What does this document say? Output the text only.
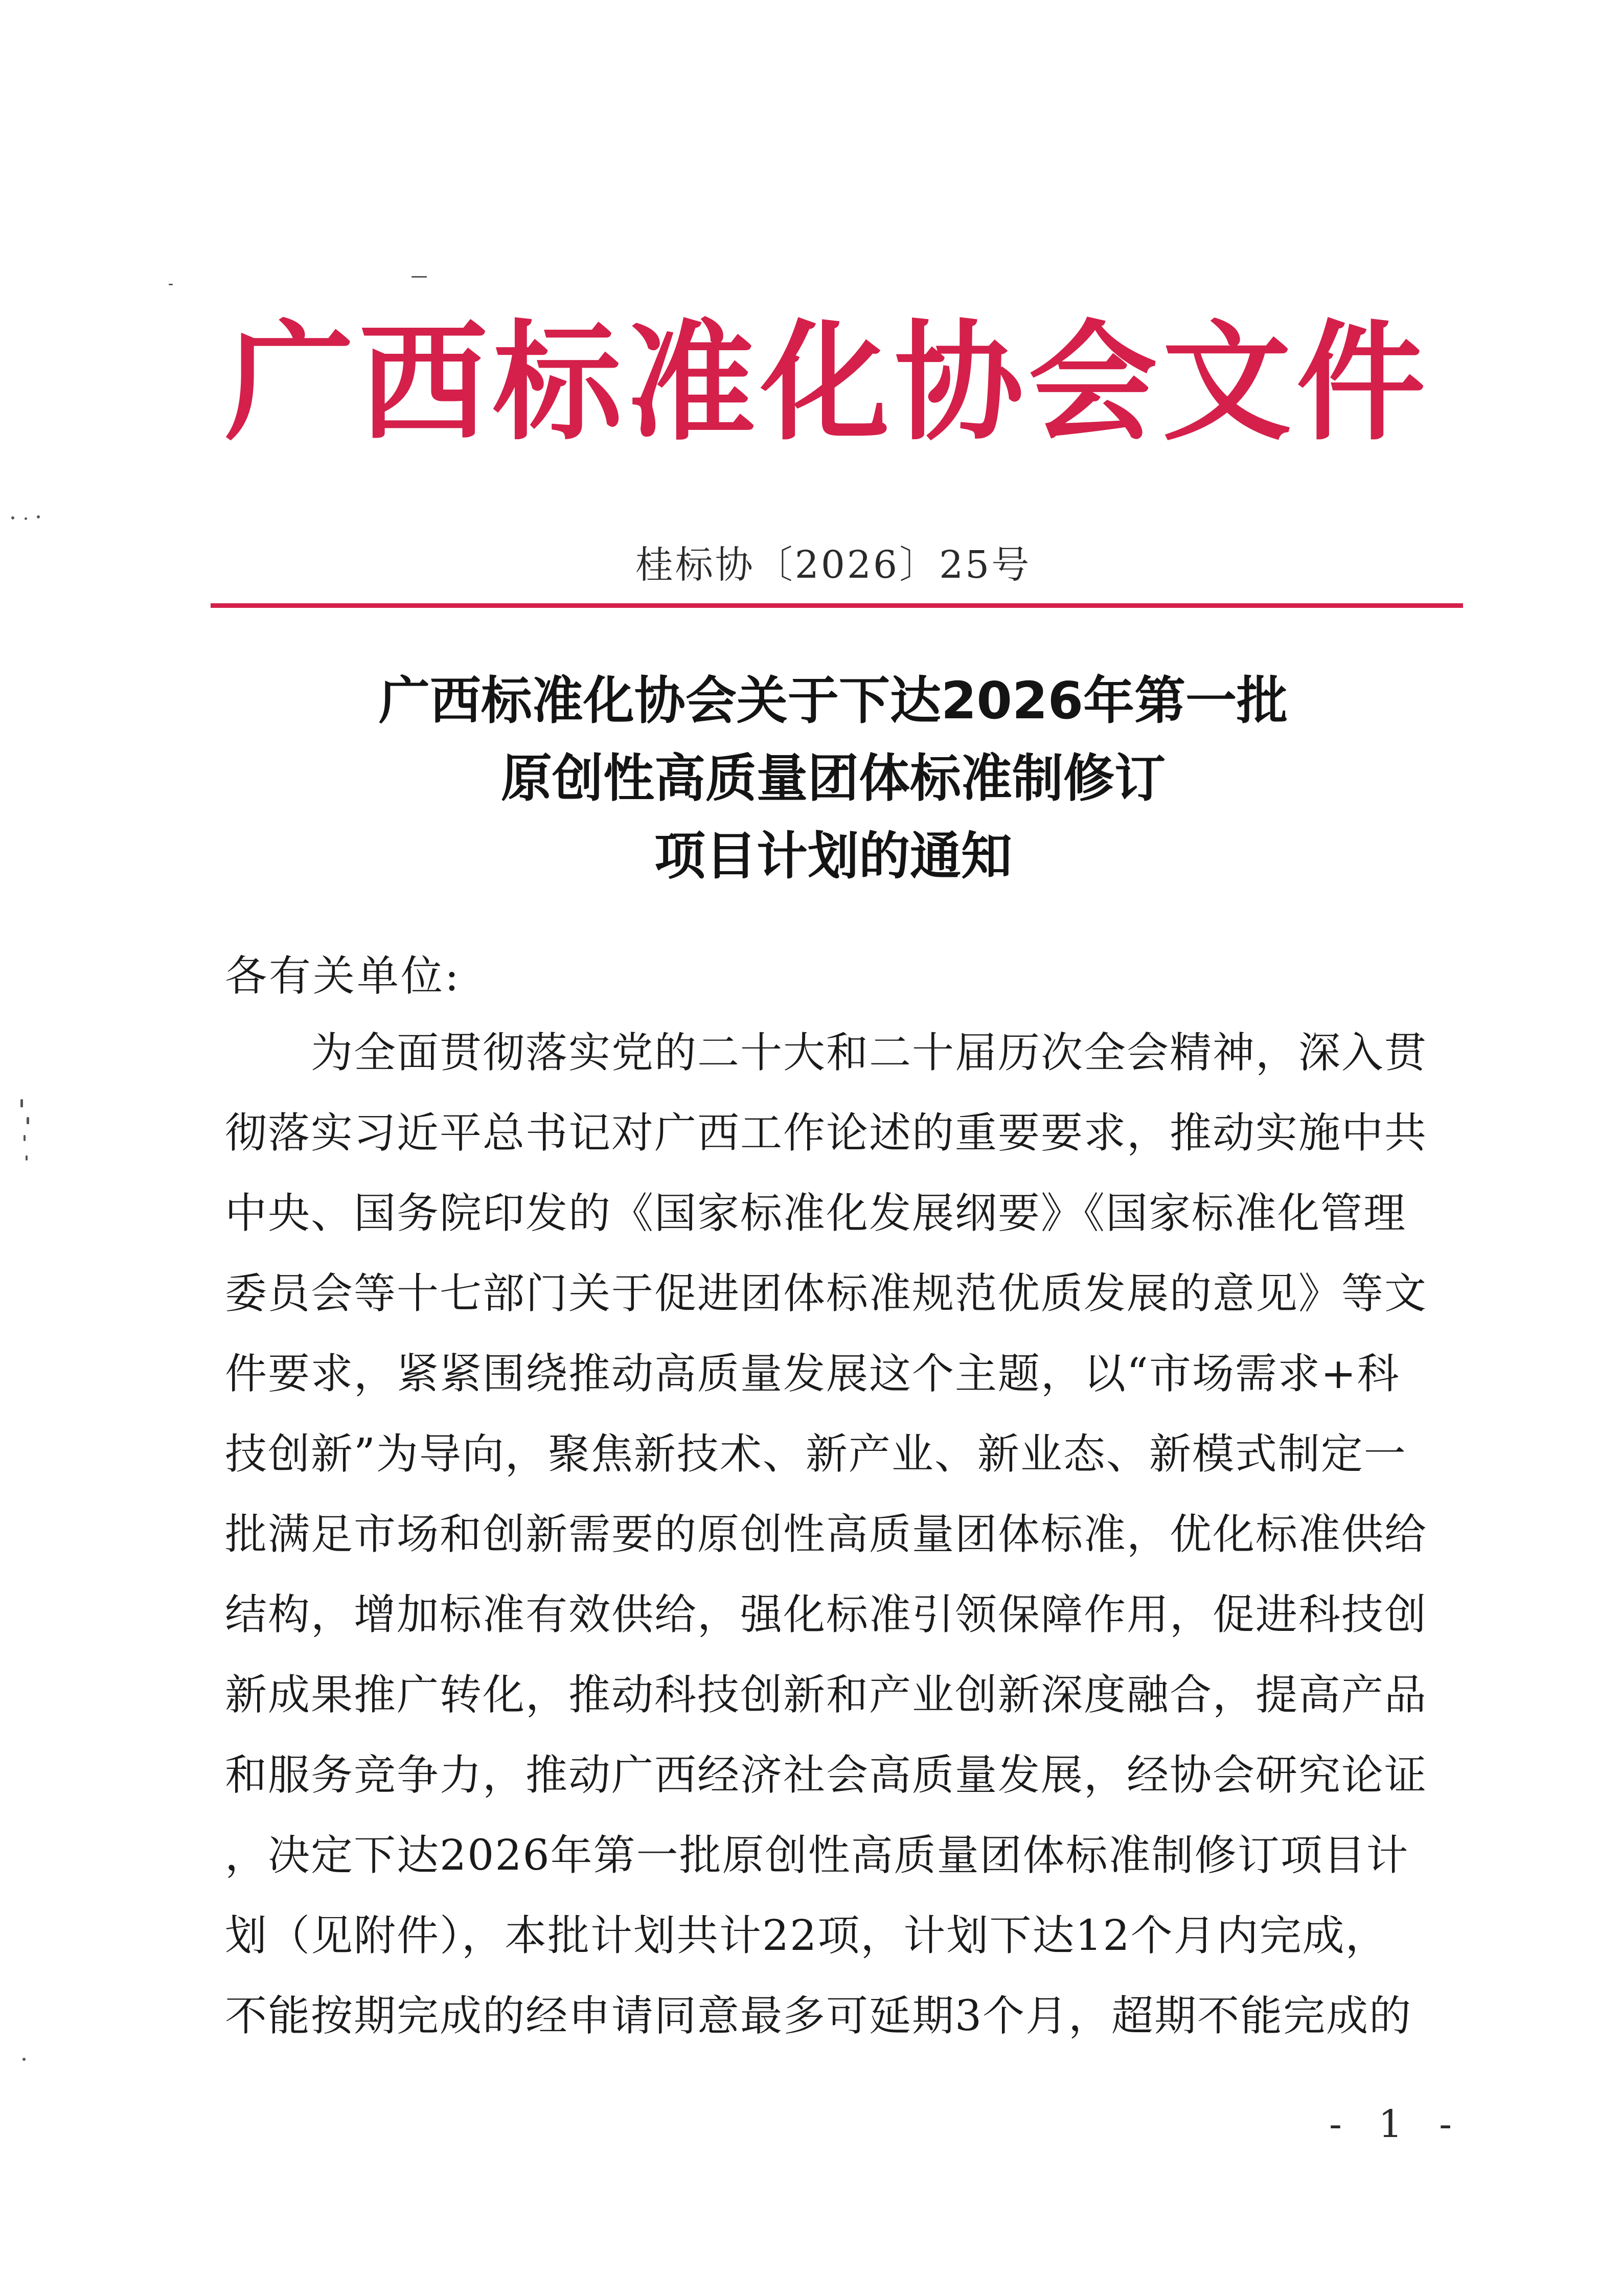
广西标准化协会文件
桂标协〔2026〕25号
广西标准化协会关于下达2026年第一批
原创性高质量团体标准制修订
项目计划的通知
各有关单位:
　　为全面贯彻落实党的二十大和二十届历次全会精神，深入贯
彻落实习近平总书记对广西工作论述的重要要求，推动实施中共
中央、国务院印发的《国家标准化发展纲要》《国家标准化管理
委员会等十七部门关于促进团体标准规范优质发展的意见》等文
件要求，紧紧围绕推动高质量发展这个主题，以“市场需求+科
技创新”为导向，聚焦新技术、新产业、新业态、新模式制定一
批满足市场和创新需要的原创性高质量团体标准，优化标准供给
结构，增加标准有效供给，强化标准引领保障作用，促进科技创
新成果推广转化，推动科技创新和产业创新深度融合，提高产品
和服务竞争力，推动广西经济社会高质量发展，经协会研究论证
，决定下达2026年第一批原创性高质量团体标准制修订项目计
划（见附件），本批计划共计22项，计划下达12个月内完成，
不能按期完成的经申请同意最多可延期3个月，超期不能完成的
- 1 -
